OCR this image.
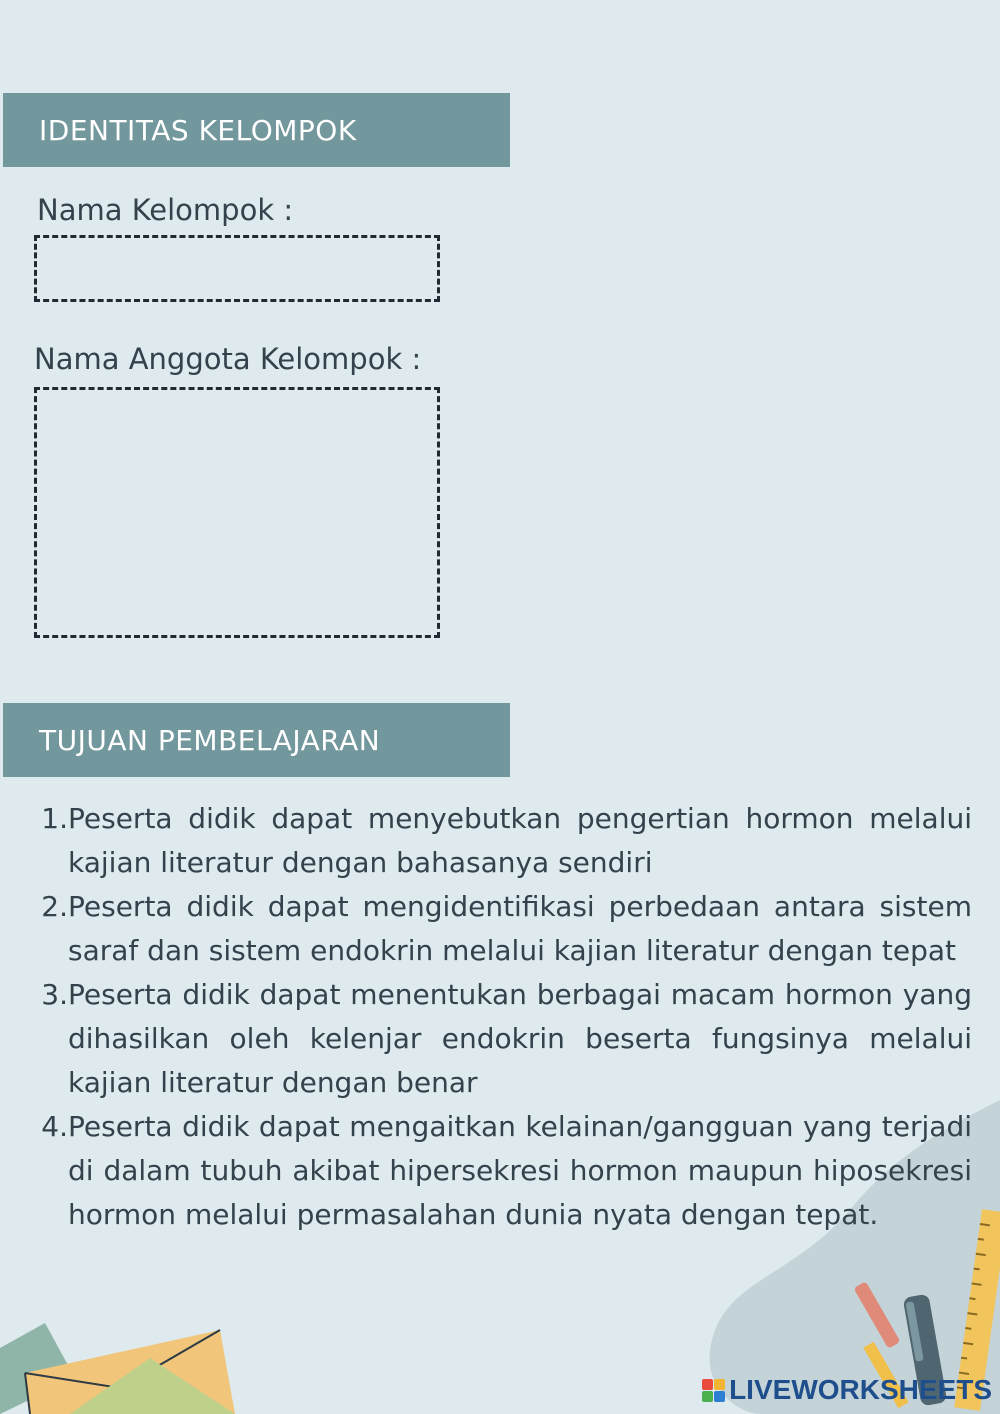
IDENTITAS KELOMPOK
Nama Kelompok :
Nama Anggota Kelompok :
TUJUAN PEMBELAJARAN
1. Peserta didik dapat menyebutkan pengertian hormon melalui kajian literatur dengan bahasanya sendiri
2. Peserta didik dapat mengidentifikasi perbedaan antara sistem saraf dan sistem endokrin melalui kajian literatur dengan tepat
3. Peserta didik dapat menentukan berbagai macam hormon yang dihasilkan oleh kelenjar endokrin beserta fungsinya melalui kajian literatur dengan benar
4. Peserta didik dapat mengaitkan kelainan/gangguan yang terjadi di dalam tubuh akibat hipersekresi hormon maupun hiposekresi hormon melalui permasalahan dunia nyata dengan tepat.
LIVEWORKSHEETS
